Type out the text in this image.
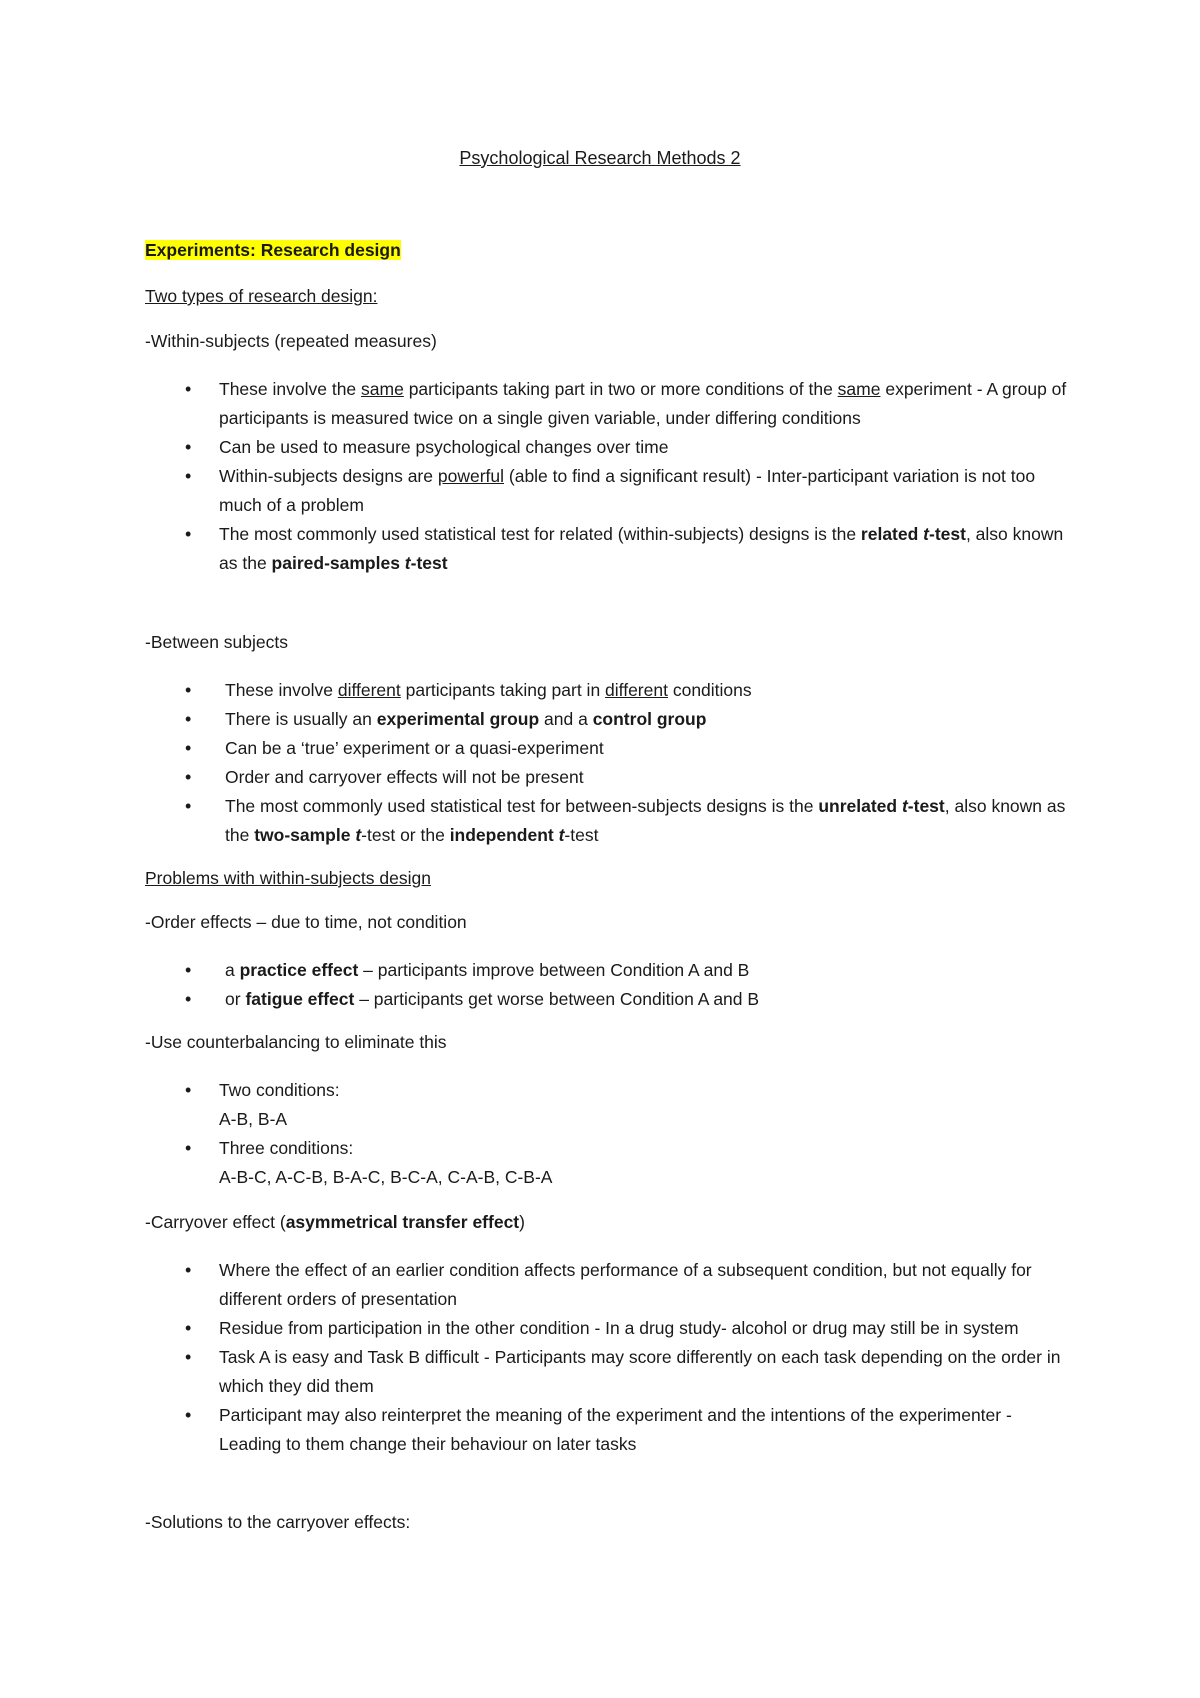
Psychological Research Methods 2
Experiments: Research design
Two types of research design:
-Within-subjects (repeated measures)
• These involve the same participants taking part in two or more conditions of the same experiment - A group of participants is measured twice on a single given variable, under differing conditions
• Can be used to measure psychological changes over time
• Within-subjects designs are powerful (able to find a significant result) - Inter-participant variation is not too much of a problem
• The most commonly used statistical test for related (within-subjects) designs is the related t-test, also known as the paired-samples t-test
-Between subjects
• These involve different participants taking part in different conditions
• There is usually an experimental group and a control group
• Can be a ‘true’ experiment or a quasi-experiment
• Order and carryover effects will not be present
• The most commonly used statistical test for between-subjects designs is the unrelated t-test, also known as the two-sample t-test or the independent t-test
Problems with within-subjects design
-Order effects – due to time, not condition
• a practice effect – participants improve between Condition A and B
• or fatigue effect – participants get worse between Condition A and B
-Use counterbalancing to eliminate this
• Two conditions:
A-B, B-A
• Three conditions:
A-B-C, A-C-B, B-A-C, B-C-A, C-A-B, C-B-A
-Carryover effect (asymmetrical transfer effect)
• Where the effect of an earlier condition affects performance of a subsequent condition, but not equally for different orders of presentation
• Residue from participation in the other condition - In a drug study- alcohol or drug may still be in system
• Task A is easy and Task B difficult - Participants may score differently on each task depending on the order in which they did them
• Participant may also reinterpret the meaning of the experiment and the intentions of the experimenter - Leading to them change their behaviour on later tasks
-Solutions to the carryover effects:
